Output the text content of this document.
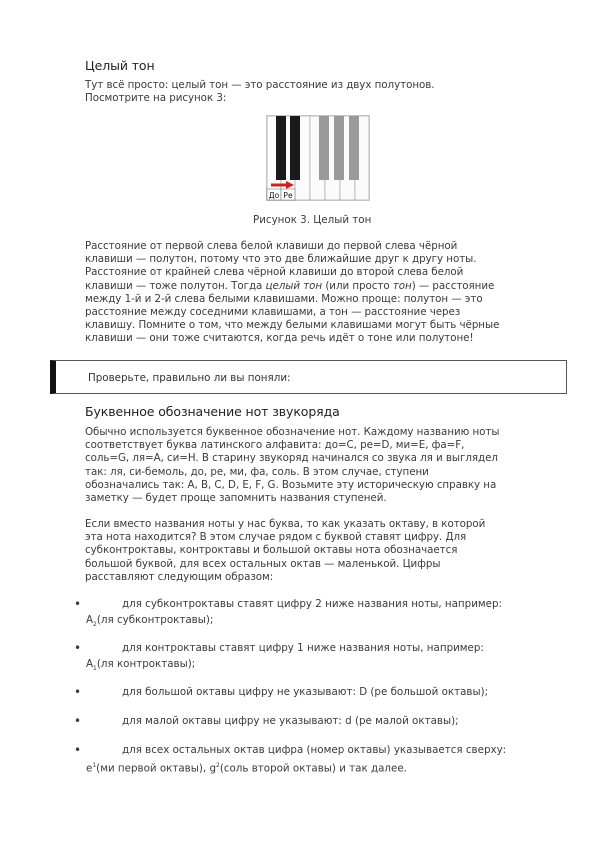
Целый тон

Тут всё просто: целый тон — это расстояние из двух полутонов.
Посмотрите на рисунок 3:

До Ре
Рисунок 3. Целый тон

Расстояние от первой слева белой клавиши до первой слева чёрной
клавиши — полутон, потому что это две ближайшие друг к другу ноты.
Расстояние от крайней слева чёрной клавиши до второй слева белой
клавиши — тоже полутон. Тогда целый тон (или просто тон) — расстояние
между 1-й и 2-й слева белыми клавишами. Можно проще: полутон — это
расстояние между соседними клавишами, а тон — расстояние через
клавишу. Помните о том, что между белыми клавишами могут быть чёрные
клавиши — они тоже считаются, когда речь идёт о тоне или полутоне!

Проверьте, правильно ли вы поняли:
Буквенное обозначение нот звукоряда

Обычно используется буквенное обозначение нот. Каждому названию ноты
соответствует буква латинского алфавита: до=C, ре=D, ми=E, фа=F,
соль=G, ля=A, си=H. В старину звукоряд начинался со звука ля и выглядел
так: ля, си-бемоль, до, ре, ми, фа, соль. В этом случае, ступени
обозначались так: A, B, C, D, E, F, G. Возьмите эту историческую справку на
заметку — будет проще запомнить названия ступеней.

Если вместо названия ноты у нас буква, то как указать октаву, в которой
эта нота находится? В этом случае рядом с буквой ставят цифру. Для
субконтроктавы, контроктавы и большой октавы нота обозначается
большой буквой, для всех остальных октав — маленькой. Цифры
расставляют следующим образом:

•	для субконтроктавы ставят цифру 2 ниже названия ноты, например:
$A_2(ля$ субконтроктавы);
•	для контроктавы ставят цифру 1 ниже названия ноты, например:
$A_1(ля$ контроктавы);
•	для большой октавы цифру не указывают: D (ре большой октавы);
•	для малой октавы цифру не указывают: d (ре малой октавы);
•	для всех остальных октав цифра (номер октавы) указывается сверху:
$e^1(ми$ первой октавы), $g^2(соль$ второй октавы) и так далее.
